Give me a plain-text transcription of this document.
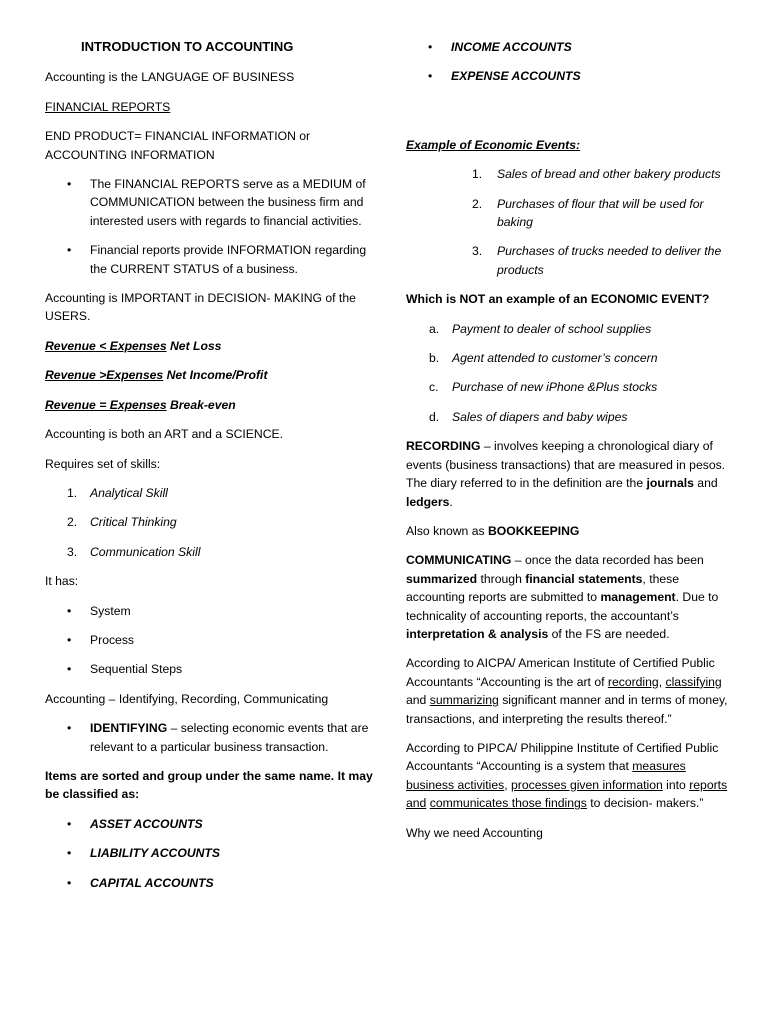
INTRODUCTION TO ACCOUNTING

Accounting is the LANGUAGE OF BUSINESS

FINANCIAL REPORTS

END PRODUCT= FINANCIAL INFORMATION or ACCOUNTING INFORMATION

• The FINANCIAL REPORTS serve as a MEDIUM of COMMUNICATION between the business firm and interested users with regards to financial activities.
• Financial reports provide INFORMATION regarding the CURRENT STATUS of a business.

Accounting is IMPORTANT in DECISION- MAKING of the USERS.

Revenue < Expenses Net Loss

Revenue >Expenses Net Income/Profit

Revenue = Expenses Break-even

Accounting is both an ART and a SCIENCE.

Requires set of skills:

1. Analytical Skill
2. Critical Thinking
3. Communication Skill

It has:

• System
• Process
• Sequential Steps

Accounting – Identifying, Recording, Communicating

• IDENTIFYING – selecting economic events that are relevant to a particular business transaction.

Items are sorted and group under the same name. It may be classified as:

• ASSET ACCOUNTS
• LIABILITY ACCOUNTS
• CAPITAL ACCOUNTS
• INCOME ACCOUNTS
• EXPENSE ACCOUNTS

Example of Economic Events:

1. Sales of bread and other bakery products
2. Purchases of flour that will be used for baking
3. Purchases of trucks needed to deliver the products

Which is NOT an example of an ECONOMIC EVENT?

a. Payment to dealer of school supplies
b. Agent attended to customer’s concern
c. Purchase of new iPhone &Plus stocks
d. Sales of diapers and baby wipes

RECORDING – involves keeping a chronological diary of events (business transactions) that are measured in pesos. The diary referred to in the definition are the journals and ledgers.

Also known as BOOKKEEPING

COMMUNICATING – once the data recorded has been summarized through financial statements, these accounting reports are submitted to management. Due to technicality of accounting reports, the accountant’s interpretation & analysis of the FS are needed.

According to AICPA/ American Institute of Certified Public Accountants “Accounting is the art of recording, classifying and summarizing significant manner and in terms of money, transactions, and interpreting the results thereof.”

According to PIPCA/ Philippine Institute of Certified Public Accountants “Accounting is a system that measures business activities, processes given information into reports and communicates those findings to decision- makers.”

Why we need Accounting
